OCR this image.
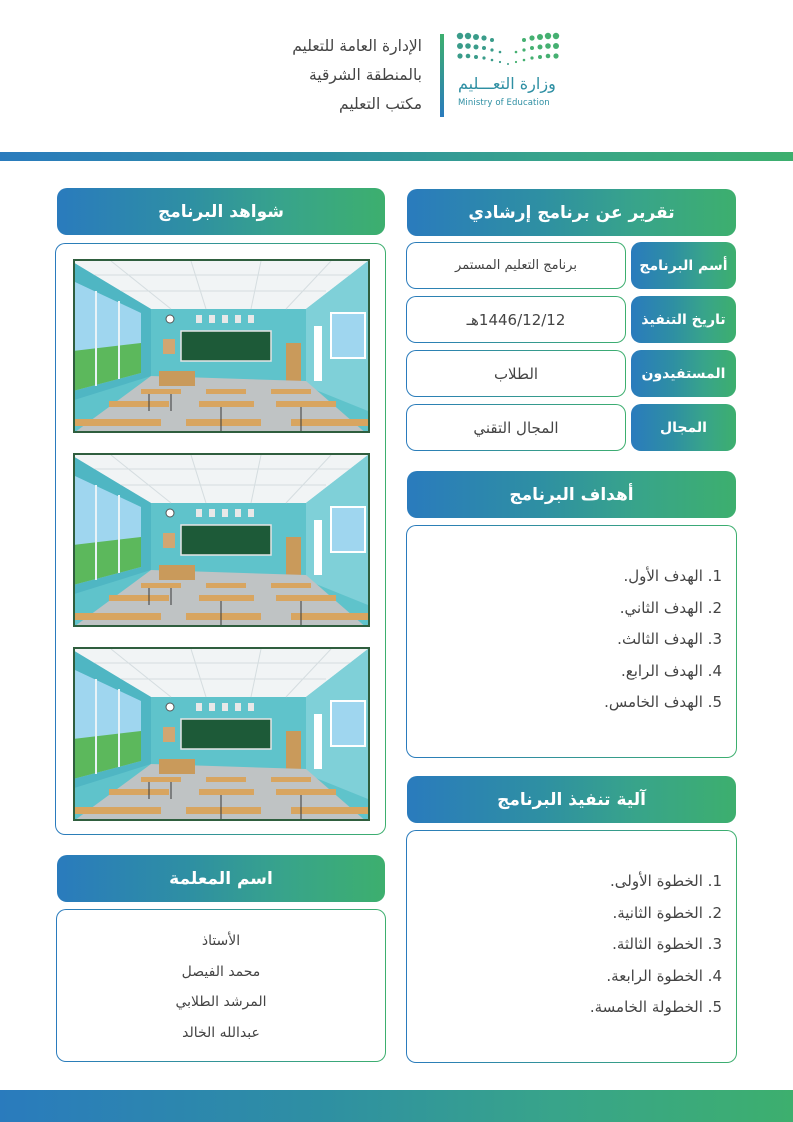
الإدارة العامة للتعليم
بالمنطقة الشرقية
مكتب التعليم
وزارة التعـــليم
Ministry of Education
تقرير عن برنامج إرشادي
أسم البرنامج
برنامج التعليم المستمر
تاريخ التنفيذ
1446/12/12هـ
المستفيدون
الطلاب
المجال
المجال التقني
أهداف البرنامج
1. الهدف الأول.
2. الهدف الثاني.
3. الهدف الثالث.
4. الهدف الرابع.
5. الهدف الخامس.
آلية تنفيذ البرنامج
1. الخطوة الأولى.
2. الخطوة الثانية.
3. الخطوة الثالثة.
4. الخطوة الرابعة.
5. الخطولة الخامسة.
شواهد البرنامج
اسم المعلمة
الأستاذ
محمد الفيصل
المرشد الطلابي
عبدالله الخالد
